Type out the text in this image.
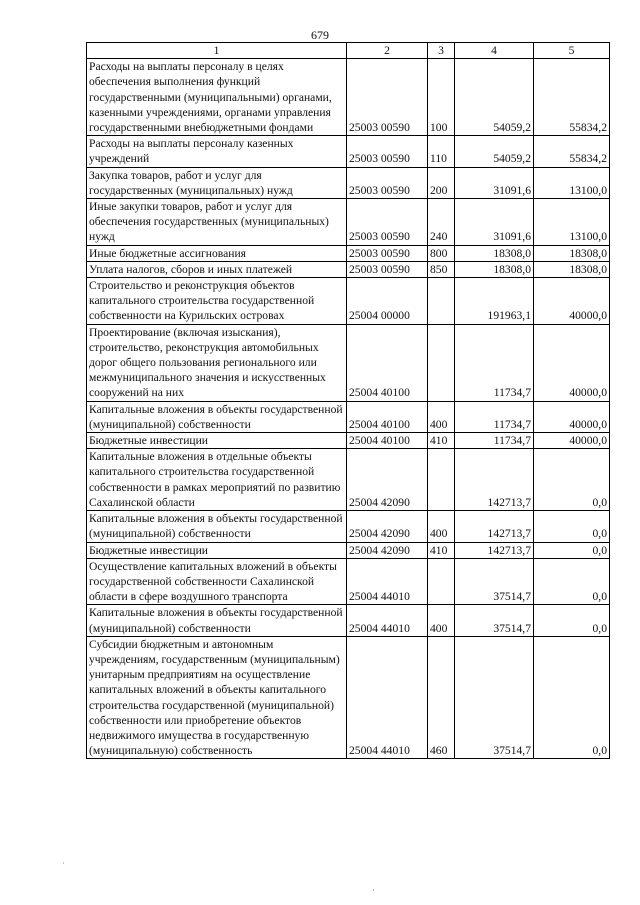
679
1	2	3	4	5
Расходы на выплаты персоналу в целях обеспечения выполнения функций государственными (муниципальными) органами, казенными учреждениями, органами управления государственными внебюджетными фондами	25003 00590	100	54059,2	55834,2
Расходы на выплаты персоналу казенных учреждений	25003 00590	110	54059,2	55834,2
Закупка товаров, работ и услуг для государственных (муниципальных) нужд	25003 00590	200	31091,6	13100,0
Иные закупки товаров, работ и услуг для обеспечения государственных (муниципальных) нужд	25003 00590	240	31091,6	13100,0
Иные бюджетные ассигнования	25003 00590	800	18308,0	18308,0
Уплата налогов, сборов и иных платежей	25003 00590	850	18308,0	18308,0
Строительство и реконструкция объектов капитального строительства государственной собственности на Курильских островах	25004 00000		191963,1	40000,0
Проектирование (включая изыскания), строительство, реконструкция автомобильных дорог общего пользования регионального или межмуниципального значения и искусственных сооружений на них	25004 40100		11734,7	40000,0
Капитальные вложения в объекты государственной (муниципальной) собственности	25004 40100	400	11734,7	40000,0
Бюджетные инвестиции	25004 40100	410	11734,7	40000,0
Капитальные вложения в отдельные объекты капитального строительства государственной собственности в рамках мероприятий по развитию Сахалинской области	25004 42090		142713,7	0,0
Капитальные вложения в объекты государственной (муниципальной) собственности	25004 42090	400	142713,7	0,0
Бюджетные инвестиции	25004 42090	410	142713,7	0,0
Осуществление капитальных вложений в объекты государственной собственности Сахалинской области в сфере воздушного транспорта	25004 44010		37514,7	0,0
Капитальные вложения в объекты государственной (муниципальной) собственности	25004 44010	400	37514,7	0,0
Субсидии бюджетным и автономным учреждениям, государственным (муниципальным) унитарным предприятиям на осуществление капитальных вложений в объекты капитального строительства государственной (муниципальной) собственности или приобретение объектов недвижимого имущества в государственную (муниципальную) собственность	25004 44010	460	37514,7	0,0
·
·
